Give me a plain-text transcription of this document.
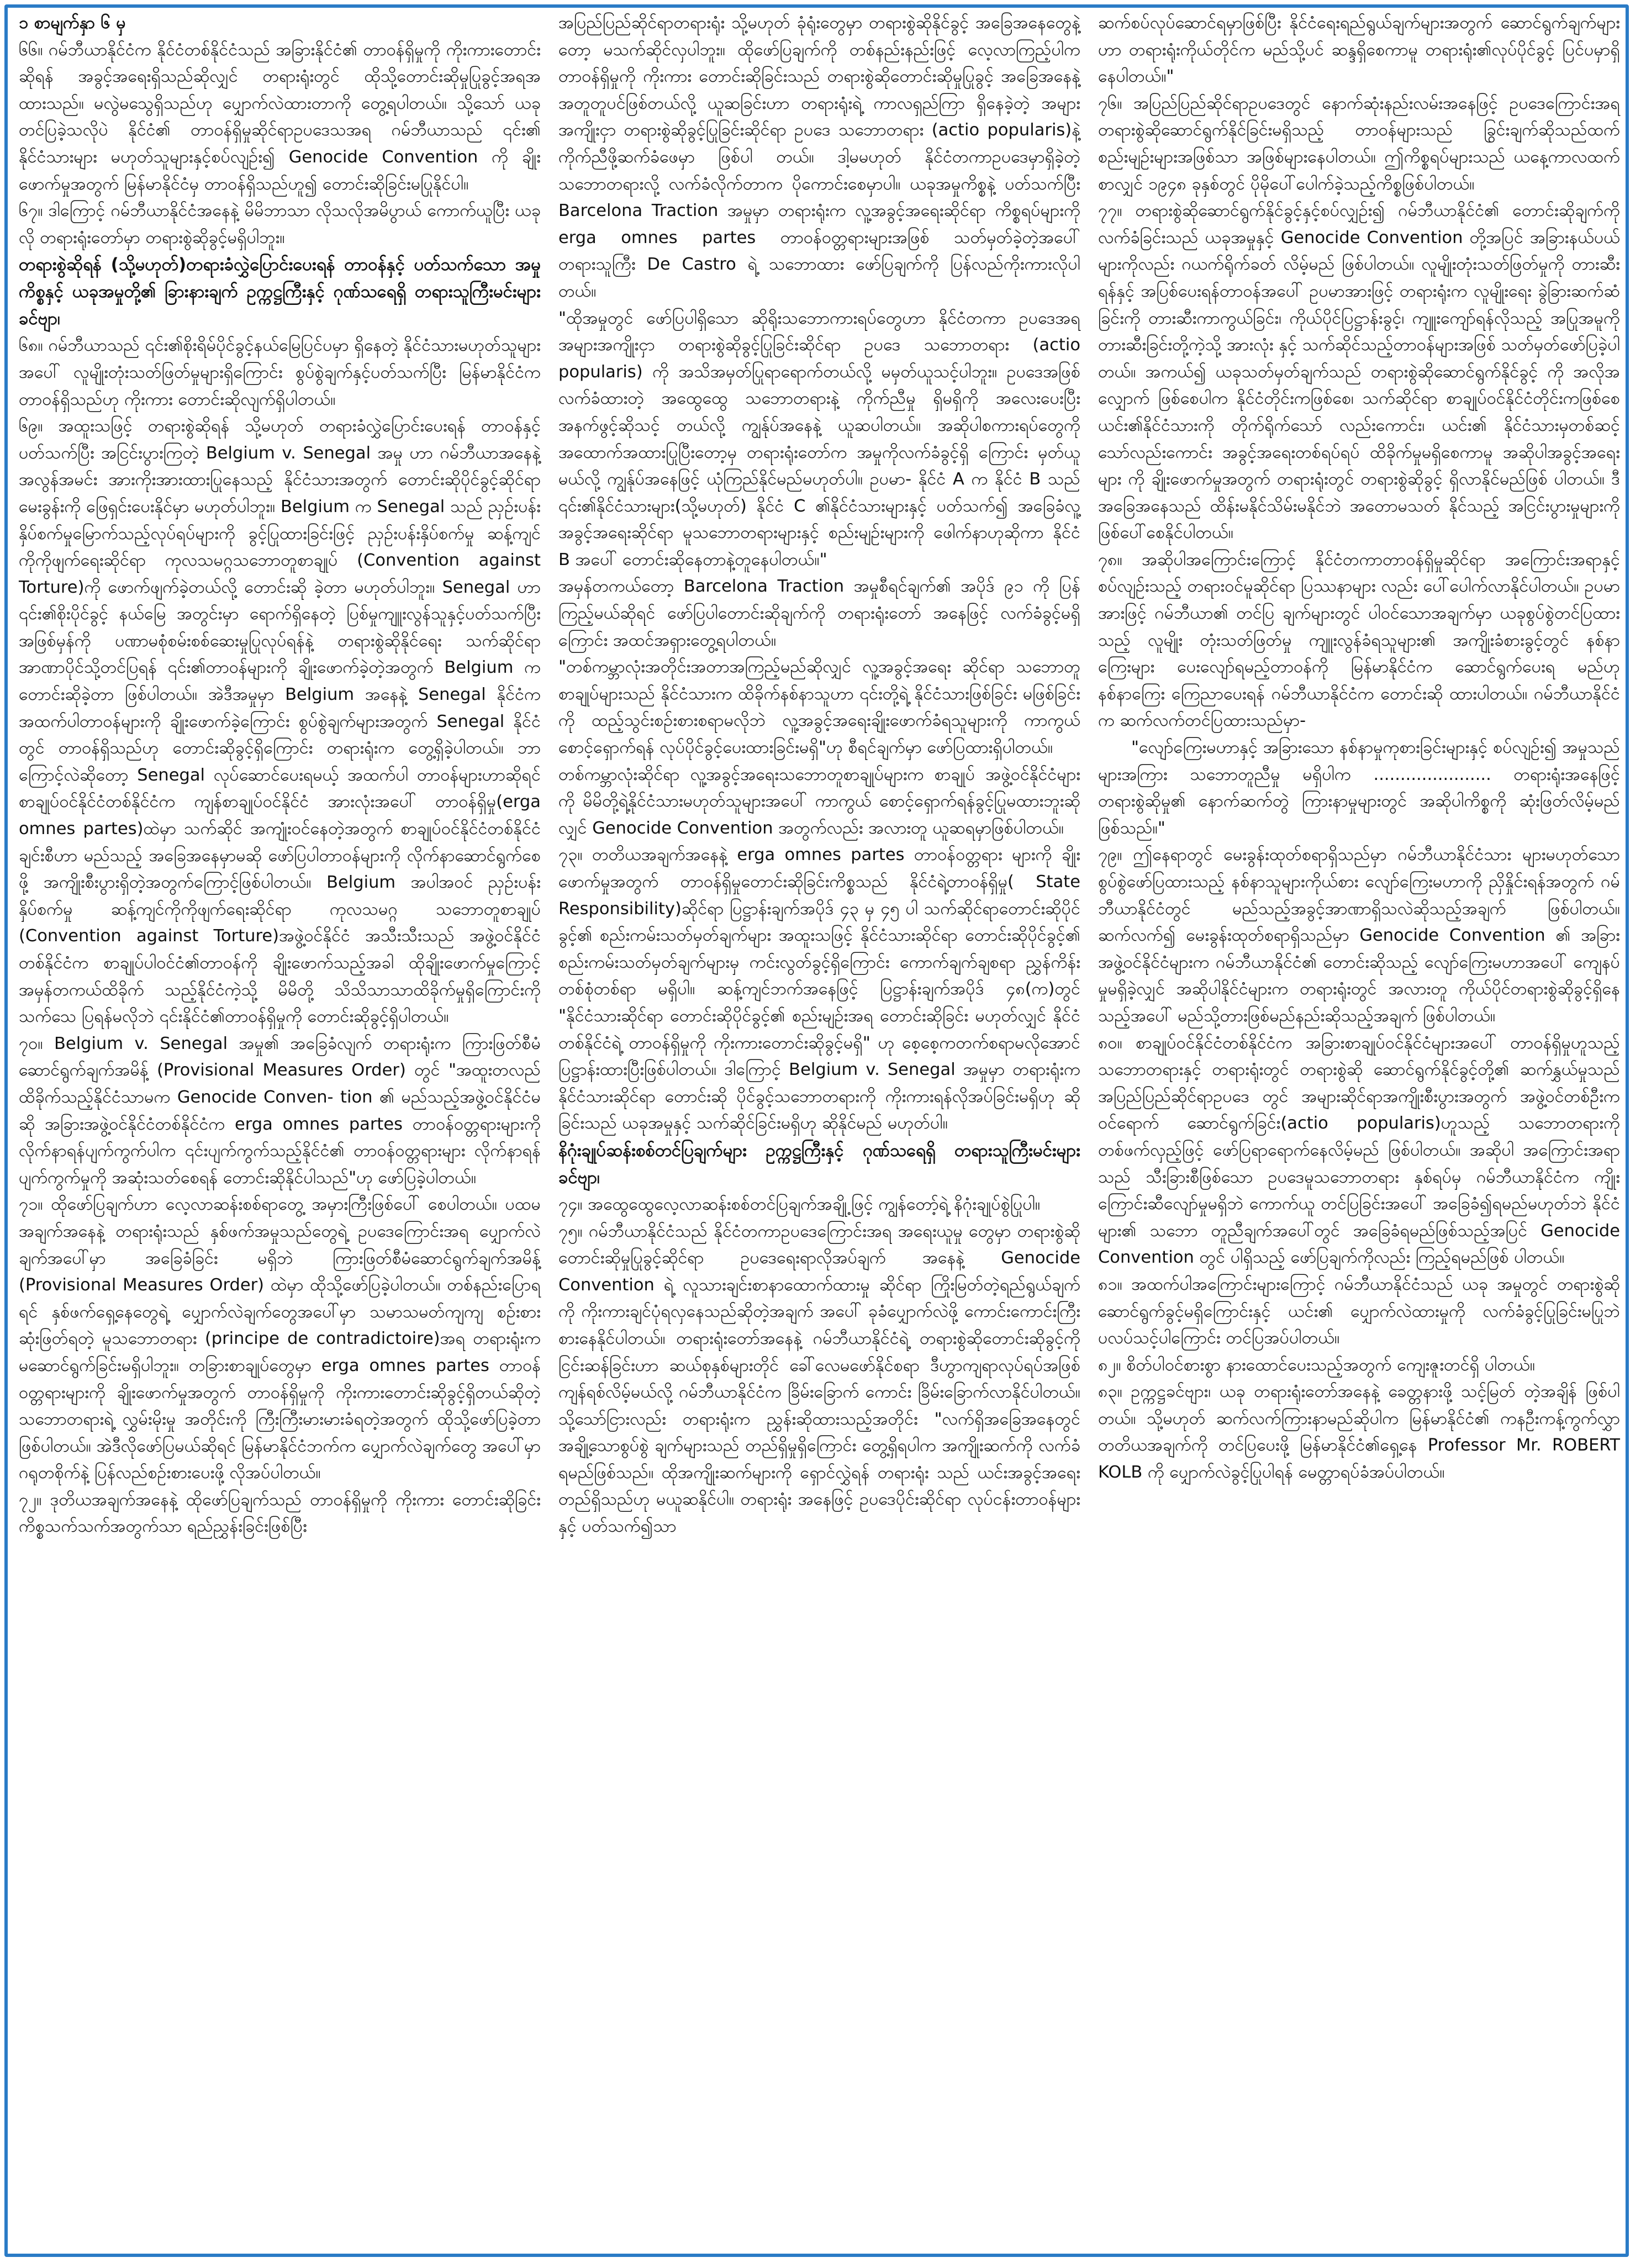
၁ စာမျက်နှာ ၆ မှ

၆၆။ ဂမ်ဘီယာနိုင်ငံက နိုင်ငံတစ်နိုင်ငံသည် အခြားနိုင်ငံ၏ တာဝန်ရှိမှုကို ကိုးကားတောင်းဆိုရန် အခွင့်အရေးရှိသည်ဆိုလျှင် တရားရုံးတွင် ထိုသို့တောင်းဆိုမှုပြုခွင့်အရအထားသည်။ မလွဲမသွေရှိသည်ဟု ပျှောက်လဲထားတာကို တွေ့ရပါတယ်။ သို့သော် ယခုတင်ပြခဲ့သလိုပဲ နိုင်ငံ၏ တာဝန်ရှိမှုဆိုင်ရာဥပဒေသအရ ဂမ်ဘီယာသည် ၎င်း၏ နိုင်ငံသားများ မဟုတ်သူများနှင့်စပ်လျဉ်း၍ Genocide Convention ကို ချိုးဖောက်မှုအတွက် မြန်မာနိုင်ငံမှ တာဝန်ရှိသည်ဟူ၍ တောင်းဆိုခြင်းမပြုနိုင်ပါ။

၆၇။ ဒါကြောင့် ဂမ်ဘီယာနိုင်ငံအနေနဲ့ မိမိဘာသာ လိုသလိုအမိပွာယ် ကောက်ယူပြီး ယခုလို တရားရုံးတော်မှာ တရားစွဲဆိုခွင့်မရှိပါဘူး။

တရားစွဲဆိုရန် (သို့မဟုတ်)တရားခံလွှဲပြောင်းပေးရန် တာဝန်နှင့် ပတ်သက်သော အမှုကိစ္စနှင့် ယခုအမှုတို့၏ ခြားနားချက် ဥက္ကဋ္ဌကြီးနှင့် ဂုဏ်သရေရှိ တရားသူကြီးမင်းများခင်ဗျာ၊

၆၈။ ဂမ်ဘီယာသည် ၎င်း၏စိုးရိမ်ပိုင်ခွင့်နယ်မြေပြင်ပမှာ ရှိနေတဲ့ နိုင်ငံသားမဟုတ်သူများအပေါ် လူမျိုးတုံးသတ်ဖြတ်မှုများရှိကြောင်း စွပ်စွဲချက်နှင့်ပတ်သက်ပြီး မြန်မာနိုင်ငံက တာဝန်ရှိသည်ဟု ကိုးကား တောင်းဆိုလျက်ရှိပါတယ်။

၆၉။ အထူးသဖြင့် တရားစွဲဆိုရန် သို့မဟုတ် တရားခံလွှဲပြောင်းပေးရန် တာဝန်နှင့်ပတ်သက်ပြီး အငြင်းပွားကြတဲ့ Belgium v. Senegal အမှု ဟာ ဂမ်ဘီယာအနေနဲ့ အလွန်အမင်း အားကိုးအားထားပြုနေသည့် နိုင်ငံသားအတွက် တောင်းဆိုပိုင်ခွင့်ဆိုင်ရာမေးခွန်းကို ဖြေရှင်းပေးနိုင်မှာ မဟုတ်ပါဘူး။ Belgium က Senegal သည် ညှဉ်းပန်းနှိပ်စက်မှုမြောက်သည့်လုပ်ရပ်များကို ခွင့်ပြုထားခြင်းဖြင့် ညှဉ်းပန်းနှိပ်စက်မှု ဆန့်ကျင်ကိုကိုဖျက်ရေးဆိုင်ရာ ကုလသမဂ္ဂသဘောတူစာချုပ် (Convention against Torture)ကို ဖောက်ဖျက်ခဲ့တယ်လို့ တောင်းဆို ခဲ့တာ မဟုတ်ပါဘူး။ Senegal ဟာ ၎င်း၏စိုးပိုင်ခွင့် နယ်မြေ အတွင်းမှာ ရောက်ရှိနေတဲ့ ပြစ်မှုကျူးလွန်သူနှင့်ပတ်သက်ပြီး အဖြစ်မှန်ကို ပဏာမစုံစမ်းစစ်ဆေးမှုပြုလုပ်ရန်နဲ့ တရားစွဲဆိုနိုင်ရေး သက်ဆိုင်ရာအာဏာပိုင်သို့တင်ပြရန် ၎င်း၏တာဝန်များကို ချိုးဖောက်ခဲ့တဲ့အတွက် Belgium က တောင်းဆိုခဲ့တာ ဖြစ်ပါတယ်။ အဲဒီအမှုမှာ Belgium အနေနဲ့ Senegal နိုင်ငံက အထက်ပါတာဝန်များကို ချိုးဖောက်ခဲ့ကြောင်း စွပ်စွဲချက်များအတွက် Senegal နိုင်ငံတွင် တာဝန်ရှိသည်ဟု တောင်းဆိုခွင့်ရှိကြောင်း တရားရုံးက တွေ့ရှိခဲ့ပါတယ်။ ဘာကြောင့်လဲဆိုတော့ Senegal လုပ်ဆောင်ပေးရမယ့် အထက်ပါ တာဝန်များဟာဆိုရင် စာချုပ်ဝင်နိုင်ငံတစ်နိုင်ငံက ကျန်စာချုပ်ဝင်နိုင်ငံ အားလုံးအပေါ် တာဝန်ရှိမှု(erga omnes partes)ထဲမှာ သက်ဆိုင် အကျုံးဝင်နေတဲ့အတွက် စာချုပ်ဝင်နိုင်ငံတစ်နိုင်ငံချင်းစီဟာ မည်သည့် အခြေအနေမှာမဆို ဖော်ပြပါတာဝန်များကို လိုက်နာဆောင်ရွက်စေဖို့ အကျိုးစီးပွားရှိတဲ့အတွက်ကြောင့်ဖြစ်ပါတယ်။ Belgium အပါအဝင် ညှဉ်းပန်းနှိပ်စက်မှု ဆန့်ကျင်ကိုကိုဖျက်ရေးဆိုင်ရာ ကုလသမဂ္ဂ သဘောတူစာချုပ် (Convention against Torture)အဖွဲ့ဝင်နိုင်ငံ အသီးသီးသည် အဖွဲ့ဝင်နိုင်ငံတစ်နိုင်ငံက စာချုပ်ပါဝင်ငံ၏တာဝန်ကို ချိုးဖောက်သည့်အခါ ထိုချိုးဖောက်မှုကြောင့် အမှန်တကယ်ထိခိုက် သည့်နိုင်ငံကဲ့သို့ မိမိတို့ သိသိသာသာထိခိုက်မှုရှိကြောင်းကို သက်သေ ပြရန်မလိုဘဲ ၎င်းနိုင်ငံ၏တာဝန်ရှိမှုကို တောင်းဆိုခွင့်ရှိပါတယ်။

၇၀။ Belgium v. Senegal အမှု၏ အခြေခံလျက် တရားရုံးက ကြားဖြတ်စီမံဆောင်ရွက်ချက်အမိန့် (Provisional Measures Order) တွင် "အထူးတလည်ထိခိုက်သည့်နိုင်ငံသာမက Genocide Conven- tion ၏ မည်သည့်အဖွဲ့ဝင်နိုင်ငံမဆို အခြားအဖွဲ့ဝင်နိုင်ငံတစ်နိုင်ငံက erga omnes partes တာဝန်ဝတ္တရားများကို လိုက်နာရန်ပျက်ကွက်ပါက ၎င်းပျက်ကွက်သည့်နိုင်ငံ၏ တာဝန်ဝတ္တရားများ လိုက်နာရန်ပျက်ကွက်မှုကို အဆုံးသတ်စေရန် တောင်းဆိုနိုင်ပါသည်"ဟု ဖော်ပြခဲ့ပါတယ်။

၇၁။ ထိုဖော်ပြချက်ဟာ လေ့လာဆန်းစစ်ရာတွေ့ အမှားကြီးဖြစ်ပေါ် စေပါတယ်။ ပထမအချက်အနေနဲ့ တရားရုံးသည် နှစ်ဖက်အမှုသည်တွေရဲ့ ဥပဒေကြောင်းအရ ပျှောက်လဲချက်အပေါ်မှာ အခြေခံခြင်း မရှိဘဲ ကြားဖြတ်စီမံဆောင်ရွက်ချက်အမိန့် (Provisional Measures Order) ထဲမှာ ထိုသို့ဖော်ပြခဲ့ပါတယ်။ တစ်နည်းပြောရရင် နှစ်ဖက်ရှေ့နေတွေရဲ့ ပျှောက်လဲချက်တွေအပေါ်မှာ သမာသမတ်ကျကျ စဉ်းစား ဆုံးဖြတ်ရတဲ့ မူသဘောတရား (principe de contradictoire)အရ တရားရုံးက မဆောင်ရွက်ခြင်းမရှိပါဘူး။ တခြားစာချုပ်တွေမှာ erga omnes partes တာဝန်ဝတ္တရားများကို ချိုးဖောက်မှုအတွက် တာဝန်ရှိမှုကို ကိုးကားတောင်းဆိုခွင့်ရှိတယ်ဆိုတဲ့ သဘောတရားရဲ့ လွှမ်းမိုးမှု အတိုင်းကို ကြီးကြီးမားမားခံရတဲ့အတွက် ထိုသို့ဖော်ပြခဲ့တာ ဖြစ်ပါတယ်။ အဲဒီလိုဖော်ပြမယ်ဆိုရင် မြန်မာနိုင်ငံဘက်က ပျှောက်လဲချက်တွေ အပေါ်မှာ ဂရုတစိုက်နဲ့ ပြန်လည်စဉ်းစားပေးဖို့ လိုအပ်ပါတယ်။

၇၂။ ဒုတိယအချက်အနေနဲ့ ထိုဖော်ပြချက်သည် တာဝန်ရှိမှုကို ကိုးကား တောင်းဆိုခြင်းကိစ္စသက်သက်အတွက်သာ ရည်ညွှန်းခြင်းဖြစ်ပြီး

အပြည်ပြည်ဆိုင်ရာတရားရုံး သို့မဟုတ် ခုံရုံးတွေမှာ တရားစွဲဆိုနိုင်ခွင့် အခြေအနေတွေနဲ့တော့ မသက်ဆိုင်လှပါဘူး။ ထိုဖော်ပြချက်ကို တစ်နည်းနည်းဖြင့် လေ့လာကြည့်ပါက တာဝန်ရှိမှုကို ကိုးကား တောင်းဆိုခြင်းသည် တရားစွဲဆိုတောင်းဆိုမှုပြုခွင့် အခြေအနေနဲ့ အတူတူပင်ဖြစ်တယ်လို့ ယူဆခြင်းဟာ တရားရုံးရဲ့ ကာလရှည်ကြာ ရှိနေခဲ့တဲ့ အများအကျိုးငှာ တရားစွဲဆိုခွင့်ပြုခြင်းဆိုင်ရာ ဥပဒေ သဘောတရား (actio popularis)နဲ့ ကိုက်ညီဖို့ဆက်ခံဖေမှာ ဖြစ်ပါ တယ်။ ဒါ့မမဟုတ် နိုင်ငံတကာဥပဒေမှာရှိခဲ့တဲ့ သဘောတရားလို့ လက်ခံလိုက်တာက ပိုကောင်းစေမှာပါ။ ယခုအမှုကိစ္စနဲ့ ပတ်သက်ပြီး Barcelona Traction အမှုမှာ တရားရုံးက လူ့အခွင့်အရေးဆိုင်ရာ ကိစ္စရပ်များကို erga omnes partes တာဝန်ဝတ္တရားများအဖြစ် သတ်မှတ်ခဲ့တဲ့အပေါ် တရားသူကြီး De Castro ရဲ့ သဘောထား ဖော်ပြချက်ကို ပြန်လည်ကိုးကားလိုပါတယ်။

"ထိုအမှုတွင် ဖော်ပြပါရှိသော ဆိုရိုးသဘောကားရပ်တွေဟာ နိုင်ငံတကာ ဥပဒေအရ အများအကျိုးငှာ တရားစွဲဆိုခွင့်ပြုခြင်းဆိုင်ရာ ဥပဒေ သဘောတရား (actio popularis) ကို အသိအမှတ်ပြုရာရောက်တယ်လို့ မမှတ်ယူသင့်ပါဘူး။ ဥပဒေအဖြစ်လက်ခံထားတဲ့ အထွေထွေ သဘောတရားနဲ့ ကိုက်ညီမှု ရှိမရှိကို အလေးပေးပြီး အနက်ဖွင့်ဆိုသင့် တယ်လို့ ကျွန်ုပ်အနေနဲ့ ယူဆပါတယ်။ အဆိုပါစကားရပ်တွေကို အထောက်အထားပြုပြီးတော့မှ တရားရုံးတော်က အမှုကိုလက်ခံခွင့်ရှိ ကြောင်း မှတ်ယူမယ်လို့ ကျွန်ုပ်အနေဖြင့် ယုံကြည်နိုင်မည်မဟုတ်ပါ။ ဥပမာ- နိုင်ငံ A က နိုင်ငံ B သည် ၎င်း၏နိုင်ငံသားများ(သို့မဟုတ်) နိုင်ငံ C ၏နိုင်ငံသားများနှင့် ပတ်သက်၍ အခြေခံလူ့အခွင့်အရေးဆိုင်ရာ မူသဘောတရားများနှင့် စည်းမျဉ်းများကို ဖေါက်နာဟုဆိုကာ နိုင်ငံ B အပေါ် တောင်းဆိုနေတာနဲ့တူနေပါတယ်။"

အမှန်တကယ်တော့ Barcelona Traction အမှုစီရင်ချက်၏ အပိုဒ် ၉၁ ကို ပြန်ကြည့်မယ်ဆိုရင် ဖော်ပြပါတောင်းဆိုချက်ကို တရားရုံးတော် အနေဖြင့် လက်ခံခွင့်မရှိကြောင်း အထင်အရှားတွေ့ရပါတယ်။

"တစ်ကမ္ဘာလုံးအတိုင်းအတာအကြည့်မည်ဆိုလျှင် လူ့အခွင့်အရေး ဆိုင်ရာ သဘောတူစာချုပ်များသည် နိုင်ငံသားက ထိခိုက်နစ်နာသူဟာ ၎င်းတို့ရဲ့ နိုင်ငံသားဖြစ်ခြင်း မဖြစ်ခြင်းကို ထည့်သွင်းစဉ်းစားစရာမလိုဘဲ လူ့အခွင့်အရေးချိုးဖောက်ခံရသူများကို ကာကွယ်စောင့်ရှောက်ရန် လုပ်ပိုင်ခွင့်ပေးထားခြင်းမရှိ"ဟု စီရင်ချက်မှာ ဖော်ပြထားရှိပါတယ်။

တစ်ကမ္ဘာလုံးဆိုင်ရာ လူ့အခွင့်အရေးသဘောတူစာချုပ်များက စာချုပ် အဖွဲ့ဝင်နိုင်ငံများကို မိမိတို့ရဲ့နိုင်ငံသားမဟုတ်သူများအပေါ် ကာကွယ် စောင့်ရှောက်ရန်ခွင့်ပြုမထားဘူးဆိုလျှင် Genocide Convention အတွက်လည်း အလားတူ ယူဆရမှာဖြစ်ပါတယ်။

၇၃။ တတိယအချက်အနေနဲ့ erga omnes partes တာဝန်ဝတ္တရား များကို ချိုးဖောက်မှုအတွက် တာဝန်ရှိမှုတောင်းဆိုခြင်းကိစ္စသည် နိုင်ငံရဲ့တာဝန်ရှိမှု( State Responsibility)ဆိုင်ရာ ပြဋ္ဌာန်းချက်အပိုဒ် ၄၃ မှ ၄၅ ပါ သက်ဆိုင်ရာတောင်းဆိုပိုင်ခွင့်၏ စည်းကမ်းသတ်မှတ်ချက်များ အထူးသဖြင့် နိုင်ငံသားဆိုင်ရာ တောင်းဆိုပိုင်ခွင့်၏ စည်းကမ်းသတ်မှတ်ချက်များမှ ကင်းလွတ်ခွင့်ရှိကြောင်း ကောက်ချက်ချစရာ ညွှန်ကိန်းတစ်စုံတစ်ရာ မရှိပါ။ ဆန့်ကျင်ဘက်အနေဖြင့် ပြဋ္ဌာန်းချက်အပိုဒ် ၄၈(က)တွင် "နိုင်ငံသားဆိုင်ရာ တောင်းဆိုပိုင်ခွင့်၏ စည်းမျဉ်းအရ တောင်းဆိုခြင်း မဟုတ်လျှင် နိုင်ငံတစ်နိုင်ငံရဲ့ တာဝန်ရှိမှုကို ကိုးကားတောင်းဆိုခွင့်မရှိ" ဟု စေ့စေ့ကတက်စရာမလိုအောင်ပြဋ္ဌာန်းထားပြီးဖြစ်ပါတယ်။ ဒါကြောင့် Belgium v. Senegal အမှုမှာ တရားရုံးက နိုင်ငံသားဆိုင်ရာ တောင်းဆို ပိုင်ခွင့်သဘောတရားကို ကိုးကားရန်လိုအပ်ခြင်းမရှိဟု ဆိုခြင်းသည် ယခုအမှုနှင့် သက်ဆိုင်ခြင်းမရှိဟု ဆိုနိုင်မည် မဟုတ်ပါ။

နိဂုံးချုပ်ဆန်းစစ်တင်ပြချက်များ ဥက္ကဋ္ဌကြီးနှင့် ဂုဏ်သရေရှိ တရားသူကြီးမင်းများခင်ဗျာ၊

၇၄။ အထွေထွေလေ့လာဆန်းစစ်တင်ပြချက်အချို့ဖြင့် ကျွန်တော့်ရဲ့ နိဂုံးချုပ်စွဲပြုပါ။

၇၅။ ဂမ်ဘီယာနိုင်ငံသည် နိုင်ငံတကာဥပဒေကြောင်းအရ အရေးယူမှု တွေမှာ တရားစွဲဆိုတောင်းဆိုမှုပြုခွင့်ဆိုင်ရာ ဥပဒေရေးရာလိုအပ်ချက် အနေနဲ့ Genocide Convention ရဲ့ လူသားချင်းစာနာထောက်ထားမှု ဆိုင်ရာ ကြိုးမြတ်တဲ့ရည်ရွယ်ချက်ကို ကိုးကားချင်ပုံရလှနေသည်ဆိုတဲ့အချက် အပေါ် ခုခံပျှောက်လဲဖို့ ကောင်းကောင်းကြီးစားနေနိုင်ပါတယ်။ တရားရုံးတော်အနေနဲ့ ဂမ်ဘီယာနိုင်ငံရဲ့ တရားစွဲဆိုတောင်းဆိုခွင့်ကို ငြင်းဆန်ခြင်းဟာ ဆယ်စုနှစ်များတိုင် ခေါ်လေမဖော်နိုင်စရာ ဒီဟွာကျရာလုပ်ရပ်အဖြစ် ကျန်ရစ်လိမ့်မယ်လို့ ဂမ်ဘီယာနိုင်ငံက ခြိမ်းခြောက် ကောင်း ခြိမ်းခြောက်လာနိုင်ပါတယ်။ သို့သော်ငြားလည်း တရားရုံးက ညွှန်းဆိုထားသည့်အတိုင်း "လက်ရှိအခြေအနေတွင် အချို့သောစွပ်စွဲ ချက်များသည် တည်ရှိမှုရှိကြောင်း တွေ့ရှိရပါက အကျိုးဆက်ကို လက်ခံရမည်ဖြစ်သည်။ ထိုအကျိုးဆက်များကို ရှောင်လွှဲရန် တရားရုံး သည် ယင်းအခွင့်အရေး တည်ရှိသည်ဟု မယူဆနိုင်ပါ။ တရားရုံး အနေဖြင့် ဥပဒေပိုင်းဆိုင်ရာ လုပ်ငန်းတာဝန်များနှင့် ပတ်သက်၍သာ

ဆက်စပ်လုပ်ဆောင်ရမှာဖြစ်ပြီး နိုင်ငံရေးရည်ရွယ်ချက်များအတွက် ဆောင်ရွက်ချက်များဟာ တရားရုံးကိုယ်တိုင်က မည်သို့ပင် ဆန္ဒရှိစေကာမူ တရားရုံး၏လုပ်ပိုင်ခွင့် ပြင်ပမှာရှိနေပါတယ်။"

၇၆။ အပြည်ပြည်ဆိုင်ရာဥပဒေတွင် နောက်ဆုံးနည်းလမ်းအနေဖြင့် ဥပဒေကြောင်းအရ တရားစွဲဆိုဆောင်ရွက်နိုင်ခြင်းမရှိသည့် တာဝန်များသည် ခြွင်းချက်ဆိုသည်ထက် စည်းမျဉ်းများအဖြစ်သာ အဖြစ်များနေပါတယ်။ ဤကိစ္စရပ်များသည် ယနေ့ကာလထက်စာလျှင် ၁၉၄၈ ခုနှစ်တွင် ပိုမိုပေါ်ပေါက်ခဲ့သည့်ကိစ္စဖြစ်ပါတယ်။

၇၇။ တရားစွဲဆိုဆောင်ရွက်နိုင်ခွင့်နှင့်စပ်လျှဉ်း၍ ဂမ်ဘီယာနိုင်ငံ၏ တောင်းဆိုချက်ကို လက်ခံခြင်းသည် ယခုအမှုနှင့် Genocide Convention တို့အပြင် အခြားနယ်ပယ်များကိုလည်း ဂယက်ရိုက်ခတ် လိမ့်မည် ဖြစ်ပါတယ်။ လူမျိုးတုံးသတ်ဖြတ်မှုကို တားဆီးရန်နှင့် အပြစ်ပေးရန်တာဝန်အပေါ် ဥပမာအားဖြင့် တရားရုံးက လူမျိုးရေး ခွဲခြားဆက်ဆံခြင်းကို တားဆီးကာကွယ်ခြင်း၊ ကိုယ်ပိုင်ပြဋ္ဌာန်းခွင့်၊ ကျူးကျော်ရန်လိုသည့် အပြုအမူကိုတားဆီးခြင်းတို့ကဲ့သို့ အားလုံး နှင့် သက်ဆိုင်သည့်တာဝန်များအဖြစ် သတ်မှတ်ဖော်ပြခဲ့ပါတယ်။ အကယ်၍ ယခုသတ်မှတ်ချက်သည် တရားစွဲဆိုဆောင်ရွက်နိုင်ခွင့် ကို အလိုအလျှောက် ဖြစ်စေပါက နိုင်ငံတိုင်းကဖြစ်စေ၊ သက်ဆိုင်ရာ စာချုပ်ဝင်နိုင်ငံတိုင်းကဖြစ်စေ ယင်း၏နိုင်ငံသားကို တိုက်ရိုက်သော် လည်းကောင်း၊ ယင်း၏ နိုင်ငံသားမှတစ်ဆင့်သော်လည်းကောင်း အခွင့်အရေးတစ်ရပ်ရပ် ထိခိုက်မှုမရှိစေကာမူ အဆိုပါအခွင့်အရေးများ ကို ချိုးဖောက်မှုအတွက် တရားရုံးတွင် တရားစွဲဆိုခွင့် ရှိလာနိုင်မည်ဖြစ် ပါတယ်။ ဒီအခြေအနေသည် ထိန်းမနိုင်သိမ်းမနိုင်ဘဲ အတောမသတ် နိုင်သည့် အငြင်းပွားမှုများကို ဖြစ်ပေါ်စေနိုင်ပါတယ်။

၇၈။ အဆိုပါအကြောင်းကြောင့် နိုင်ငံတကာတာဝန်ရှိမှုဆိုင်ရာ အကြောင်းအရာနှင့်စပ်လျဉ်းသည့် တရားဝင်မူဆိုင်ရာ ပြဿနာများ လည်း ပေါ်ပေါက်လာနိုင်ပါတယ်။ ဥပမာအားဖြင့် ဂမ်ဘီယာ၏ တင်ပြ ချက်များတွင် ပါဝင်သောအချက်မှာ ယခုစွပ်စွဲတင်ပြထားသည့် လူမျိုး တုံးသတ်ဖြတ်မှု ကျူးလွန်ခံရသူများ၏ အကျိုးခံစားခွင့်တွင် နစ်နာ ကြေးများ ပေးလျော်ရမည့်တာဝန်ကို မြန်မာနိုင်ငံက ဆောင်ရွက်ပေးရ မည်ဟု နစ်နာကြေး ကြေညာပေးရန် ဂမ်ဘီယာနိုင်ငံက တောင်းဆို ထားပါတယ်။ ဂမ်ဘီယာနိုင်ငံက ဆက်လက်တင်ပြထားသည်မှာ-

"လျော်ကြေးမဟာနှင့် အခြားသော နစ်နာမှုကုစားခြင်းများနှင့် စပ်လျဉ်း၍ အမှုသည်များအကြား သဘောတူညီမှု မရှိပါက ...................... တရားရုံးအနေဖြင့် တရားစွဲဆိုမှု၏ နောက်ဆက်တွဲ ကြားနာမှုများတွင် အဆိုပါကိစ္စကို ဆုံးဖြတ်လိမ့်မည်ဖြစ်သည်။"

၇၉။ ဤနေရာတွင် မေးခွန်းထုတ်စရာရှိသည်မှာ ဂမ်ဘီယာနိုင်ငံသား များမဟုတ်သော စွပ်စွဲဖော်ပြထားသည့် နစ်နာသူများကိုယ်စား လျော်ကြေးမဟာကို ညှိနှိုင်းရန်အတွက် ဂမ်ဘီယာနိုင်ငံတွင် မည်သည့်အခွင့်အာဏာရှိသလဲဆိုသည့်အချက် ဖြစ်ပါတယ်။ ဆက်လက်၍ မေးခွန်းထုတ်စရာရှိသည်မှာ Genocide Convention ၏ အခြားအဖွဲ့ဝင်နိုင်ငံများက ဂမ်ဘီယာနိုင်ငံ၏ တောင်းဆိုသည့် လျော်ကြေးမဟာအပေါ် ကျေနပ်မှုမရှိခဲ့လျှင် အဆိုပါနိုင်ငံများက တရားရုံးတွင် အလားတူ ကိုယ်ပိုင်တရားစွဲဆိုခွင့်ရှိနေသည့်အပေါ် မည်သို့တားဖြစ်မည်နည်းဆိုသည့်အချက် ဖြစ်ပါတယ်။

၈၀။ စာချုပ်ဝင်နိုင်ငံတစ်နိုင်ငံက အခြားစာချုပ်ဝင်နိုင်ငံများအပေါ် တာဝန်ရှိမှုဟူသည့် သဘောတရားနှင့် တရားရုံးတွင် တရားစွဲဆို ဆောင်ရွက်နိုင်ခွင့်တို့၏ ဆက်နွှယ်မှုသည် အပြည်ပြည်ဆိုင်ရာဥပဒေ တွင် အများဆိုင်ရာအကျိုးစီးပွားအတွက် အဖွဲ့ဝင်တစ်ဦးက ဝင်ရောက် ဆောင်ရွက်ခြင်း(actio popularis)ဟူသည့် သဘောတရားကို တစ်ဖက်လှည့်ဖြင့် ဖော်ပြရာရောက်နေလိမ့်မည် ဖြစ်ပါတယ်။ အဆိုပါ အကြောင်းအရာသည် သီးခြားစီဖြစ်သော ဥပဒေမူသဘောတရား နှစ်ရပ်မှ ဂမ်ဘီယာနိုင်ငံက ကျိုးကြောင်းဆီလျော်မှုမရှိဘဲ ကောက်ယူ တင်ပြခြင်းအပေါ် အခြေခံ၍ရမည်မဟုတ်ဘဲ နိုင်ငံများ၏ သဘော တူညီချက်အပေါ်တွင် အခြေခံရမည်ဖြစ်သည့်အပြင် Genocide Convention တွင် ပါရှိသည့် ဖော်ပြချက်ကိုလည်း ကြည့်ရမည်ဖြစ် ပါတယ်။

၈၁။ အထက်ပါအကြောင်းများကြောင့် ဂမ်ဘီယာနိုင်ငံသည် ယခု အမှုတွင် တရားစွဲဆို ဆောင်ရွက်ခွင့်မရှိကြောင်းနှင့် ယင်း၏ ပျှောက်လဲထားမှုကို လက်ခံခွင့်ပြုခြင်းမပြုဘဲ ပလပ်သင့်ပါကြောင်း တင်ပြအပ်ပါတယ်။

၈၂။ စိတ်ပါဝင်စားစွာ နားထောင်ပေးသည့်အတွက် ကျေးဇူးတင်ရှိ ပါတယ်။

၈၃။ ဥက္ကဋ္ဌခင်ဗျား၊ ယခု တရားရုံးတော်အနေနဲ့ ခေတ္တနားဖို့ သင့်မြတ် တဲ့အချိန် ဖြစ်ပါတယ်။ သို့မဟုတ် ဆက်လက်ကြားနာမည်ဆိုပါက မြန်မာနိုင်ငံ၏ ကနဦးကန့်ကွက်လွှာ တတိယအချက်ကို တင်ပြပေးဖို့ မြန်မာနိုင်ငံ၏ရှေ့နေ Professor Mr. ROBERT KOLB ကို ပျှောက်လဲခွင့်ပြုပါရန် မေတ္တာရပ်ခံအပ်ပါတယ်။
